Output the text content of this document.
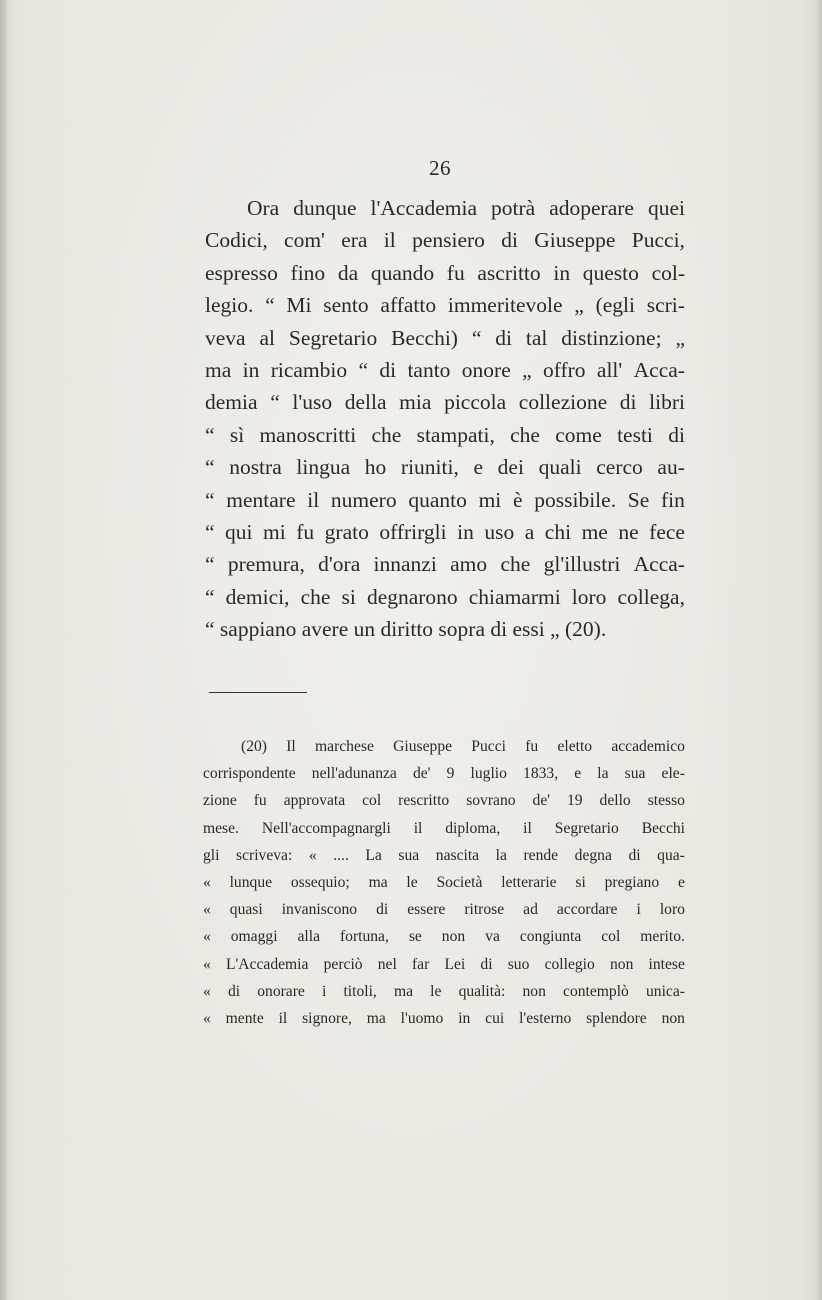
26
Ora dunque l'Accademia potrà adoperare quei
Codici, com' era il pensiero di Giuseppe Pucci,
espresso fino da quando fu ascritto in questo col-
legio. “ Mi sento affatto immeritevole „ (egli scri-
veva al Segretario Becchi) “ di tal distinzione; „
ma in ricambio “ di tanto onore „ offro all' Acca-
demia “ l'uso della mia piccola collezione di libri
“ sì manoscritti che stampati, che come testi di
“ nostra lingua ho riuniti, e dei quali cerco au-
“ mentare il numero quanto mi è possibile. Se fin
“ qui mi fu grato offrirgli in uso a chi me ne fece
“ premura, d'ora innanzi amo che gl'illustri Acca-
“ demici, che si degnarono chiamarmi loro collega,
“ sappiano avere un diritto sopra di essi „ (20).
(20) Il marchese Giuseppe Pucci fu eletto accademico
corrispondente nell'adunanza de' 9 luglio 1833, e la sua ele-
zione fu approvata col rescritto sovrano de' 19 dello stesso
mese. Nell'accompagnargli il diploma, il Segretario Becchi
gli scriveva: « .... La sua nascita la rende degna di qua-
« lunque ossequio; ma le Società letterarie si pregiano e
« quasi invaniscono di essere ritrose ad accordare i loro
« omaggi alla fortuna, se non va congiunta col merito.
« L'Accademia perciò nel far Lei di suo collegio non intese
« di onorare i titoli, ma le qualità: non contemplò unica-
« mente il signore, ma l'uomo in cui l'esterno splendore non
